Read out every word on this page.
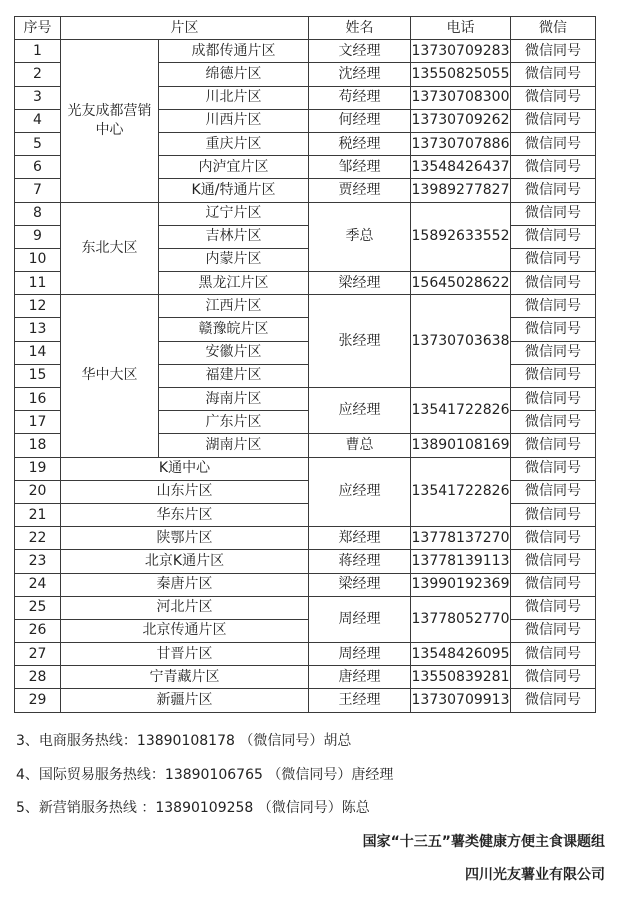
序号	片区		姓名	电话	微信
1	光友成都营销中心	成都传通片区	文经理	13730709283	微信同号
2		绵德片区	沈经理	13550825055	微信同号
3		川北片区	苟经理	13730708300	微信同号
4		川西片区	何经理	13730709262	微信同号
5		重庆片区	税经理	13730707886	微信同号
6		内泸宜片区	邹经理	13548426437	微信同号
7		K通/特通片区	贾经理	13989277827	微信同号
8	东北大区	辽宁片区	季总	15892633552	微信同号
9		吉林片区			微信同号
10		内蒙片区			微信同号
11		黑龙江片区	梁经理	15645028622	微信同号
12	华中大区	江西片区	张经理	13730703638	微信同号
13		赣豫皖片区			微信同号
14		安徽片区			微信同号
15		福建片区			微信同号
16		海南片区	应经理	13541722826	微信同号
17		广东片区			微信同号
18		湖南片区	曹总	13890108169	微信同号
19	K通中心		应经理	13541722826	微信同号
20	山东片区				微信同号
21	华东片区				微信同号
22	陕鄂片区		郑经理	13778137270	微信同号
23	北京K通片区		蒋经理	13778139113	微信同号
24	秦唐片区		梁经理	13990192369	微信同号
25	河北片区		周经理	13778052770	微信同号
26	北京传通片区				微信同号
27	甘晋片区		周经理	13548426095	微信同号
28	宁青藏片区		唐经理	13550839281	微信同号
29	新疆片区		王经理	13730709913	微信同号
3、电商服务热线：13890108178 （微信同号）胡总
4、国际贸易服务热线：13890106765 （微信同号）唐经理
5、新营销服务热线 ：13890109258 （微信同号）陈总
国家“十三五”薯类健康方便主食课题组
四川光友薯业有限公司
